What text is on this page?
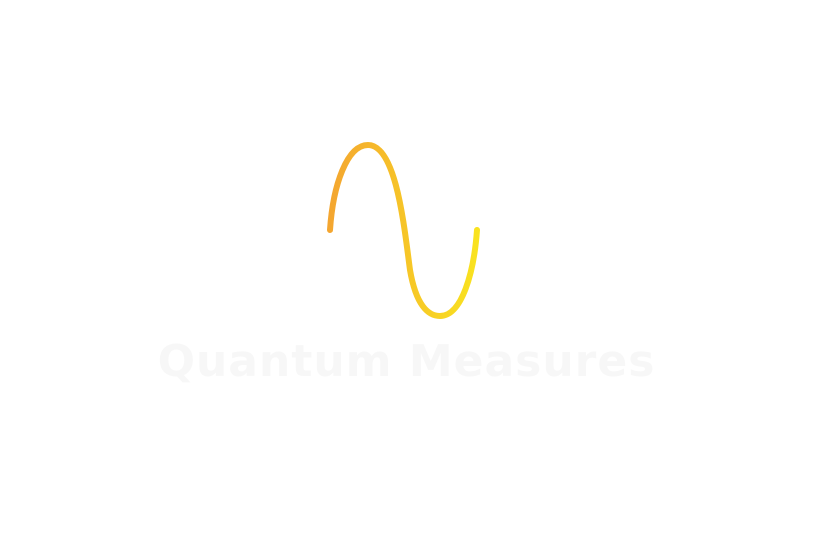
Quantum Measures
